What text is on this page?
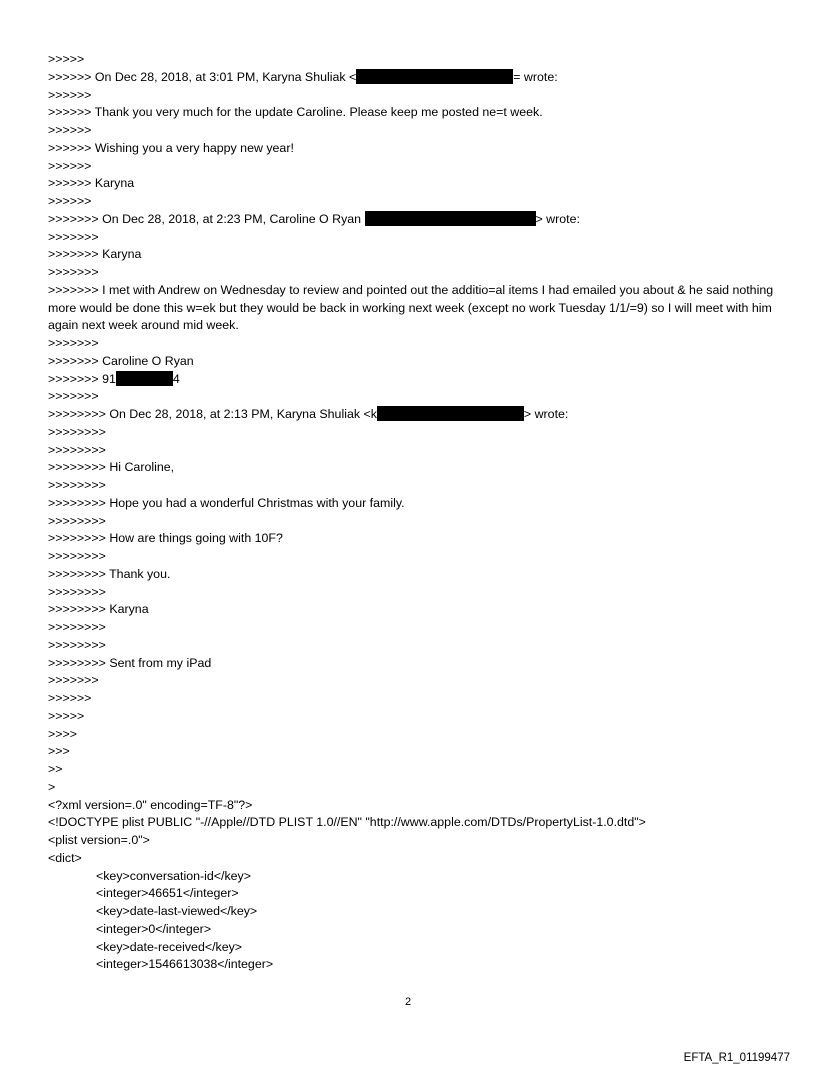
>>>>>
>>>>>> On Dec 28, 2018, at 3:01 PM, Karyna Shuliak <	= wrote:
>>>>>>
>>>>>> Thank you very much for the update Caroline. Please keep me posted ne=t week.
>>>>>>
>>>>>> Wishing you a very happy new year!
>>>>>>
>>>>>> Karyna
>>>>>>
>>>>>>> On Dec 28, 2018, at 2:23 PM, Caroline O Ryan	> wrote:
>>>>>>>
>>>>>>> Karyna
>>>>>>>
>>>>>>> I met with Andrew on Wednesday to review and pointed out the additio=al items I had emailed you about & he said nothing more would be done this w=ek but they would be back in working next week (except no work Tuesday 1/1/=9) so I will meet with him again next week around mid week.
>>>>>>>
>>>>>>> Caroline O Ryan
>>>>>>> 91	4
>>>>>>>
>>>>>>>> On Dec 28, 2018, at 2:13 PM, Karyna Shuliak <k	> wrote:
>>>>>>>>
>>>>>>>>
>>>>>>>> Hi Caroline,
>>>>>>>>
>>>>>>>> Hope you had a wonderful Christmas with your family.
>>>>>>>>
>>>>>>>> How are things going with 10F?
>>>>>>>>
>>>>>>>> Thank you.
>>>>>>>>
>>>>>>>> Karyna
>>>>>>>>
>>>>>>>>
>>>>>>>> Sent from my iPad
>>>>>>>
>>>>>>
>>>>>
>>>>
>>>
>>
>
<?xml version=.0" encoding=TF-8"?>
<!DOCTYPE plist PUBLIC "-//Apple//DTD PLIST 1.0//EN" "http://www.apple.com/DTDs/PropertyList-1.0.dtd">
<plist version=.0">
<dict>
<key>conversation-id</key>
<integer>46651</integer>
<key>date-last-viewed</key>
<integer>0</integer>
<key>date-received</key>
<integer>1546613038</integer>
2
EFTA_R1_01199477
